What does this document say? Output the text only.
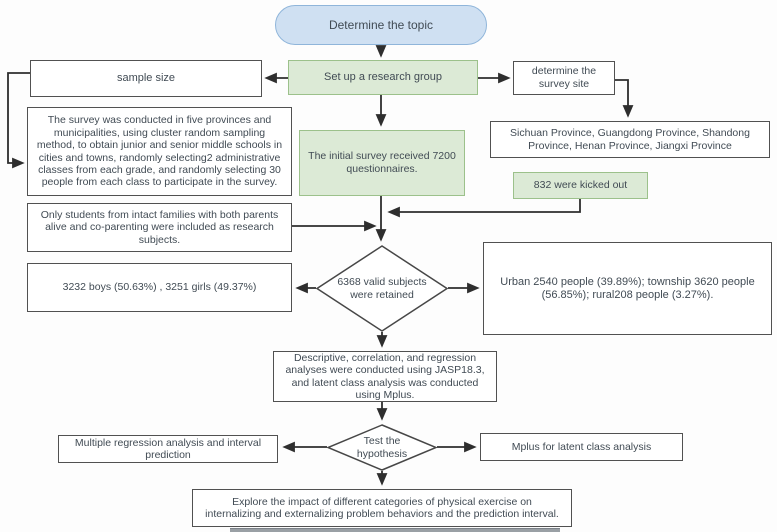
Determine the topic
Set up a research group
sample size
determine the survey site
The survey was conducted in five provinces and municipalities, using cluster random sampling method, to obtain junior and senior middle schools in cities and towns, randomly selecting2 administrative classes from each grade, and randomly selecting 30 people from each class to participate in the survey.
Sichuan Province, Guangdong Province, Shandong Province, Henan Province, Jiangxi Province
The initial survey received 7200 questionnaires.
832 were kicked out
Only students from intact families with both parents alive and co-parenting were included as research subjects.
3232 boys (50.63%) , 3251 girls (49.37%)	6368 valid subjects were retained
Urban 2540 people (39.89%); township 3620 people (56.85%); rural208 people (3.27%).
Descriptive, correlation, and regression analyses were conducted using JASP18.3, and latent class analysis was conducted using Mplus.
Test the hypothesis
Multiple regression analysis and interval prediction
Mplus for latent class analysis
Explore the impact of different categories of physical exercise on internalizing and externalizing problem behaviors and the prediction interval.
